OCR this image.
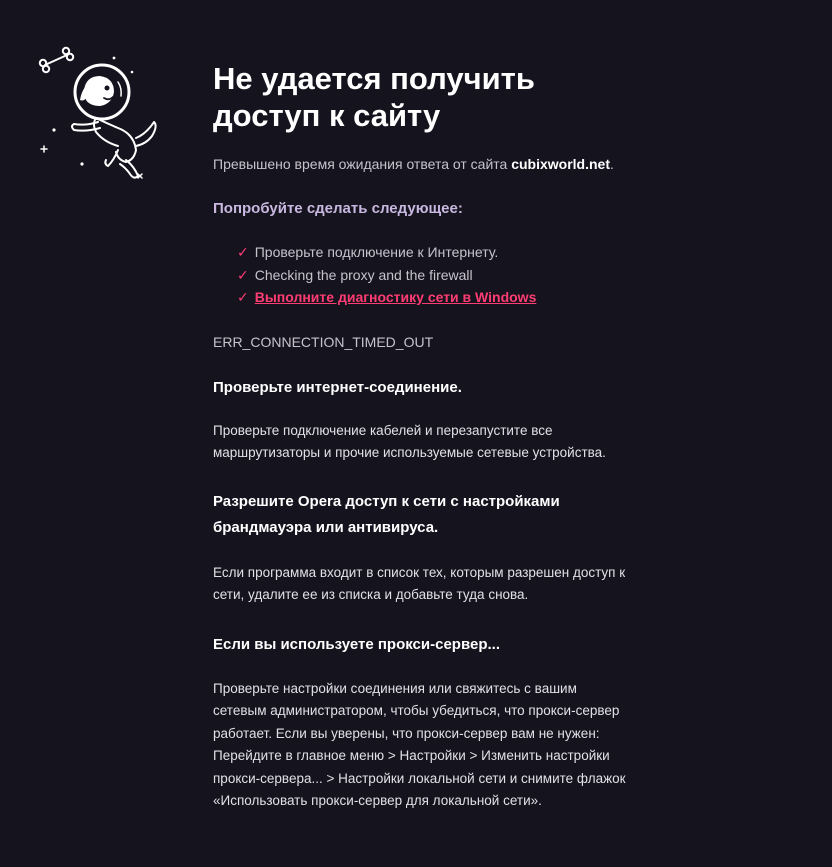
Не удается получить доступ к сайту
Превышено время ожидания ответа от сайта cubixworld.net.
Попробуйте сделать следующее:
✓ Проверьте подключение к Интернету.
✓ Checking the proxy and the firewall
✓ Выполните диагностику сети в Windows
ERR_CONNECTION_TIMED_OUT
Проверьте интернет-соединение.
Проверьте подключение кабелей и перезапустите все маршрутизаторы и прочие используемые сетевые устройства.
Разрешите Opera доступ к сети с настройками брандмауэра или антивируса.
Если программа входит в список тех, которым разрешен доступ к сети, удалите ее из списка и добавьте туда снова.
Если вы используете прокси-сервер...
Проверьте настройки соединения или свяжитесь с вашим сетевым администратором, чтобы убедиться, что прокси-сервер работает. Если вы уверены, что прокси-сервер вам не нужен: Перейдите в главное меню > Настройки > Изменить настройки прокси-сервера... > Настройки локальной сети и снимите флажок «Использовать прокси-сервер для локальной сети».
